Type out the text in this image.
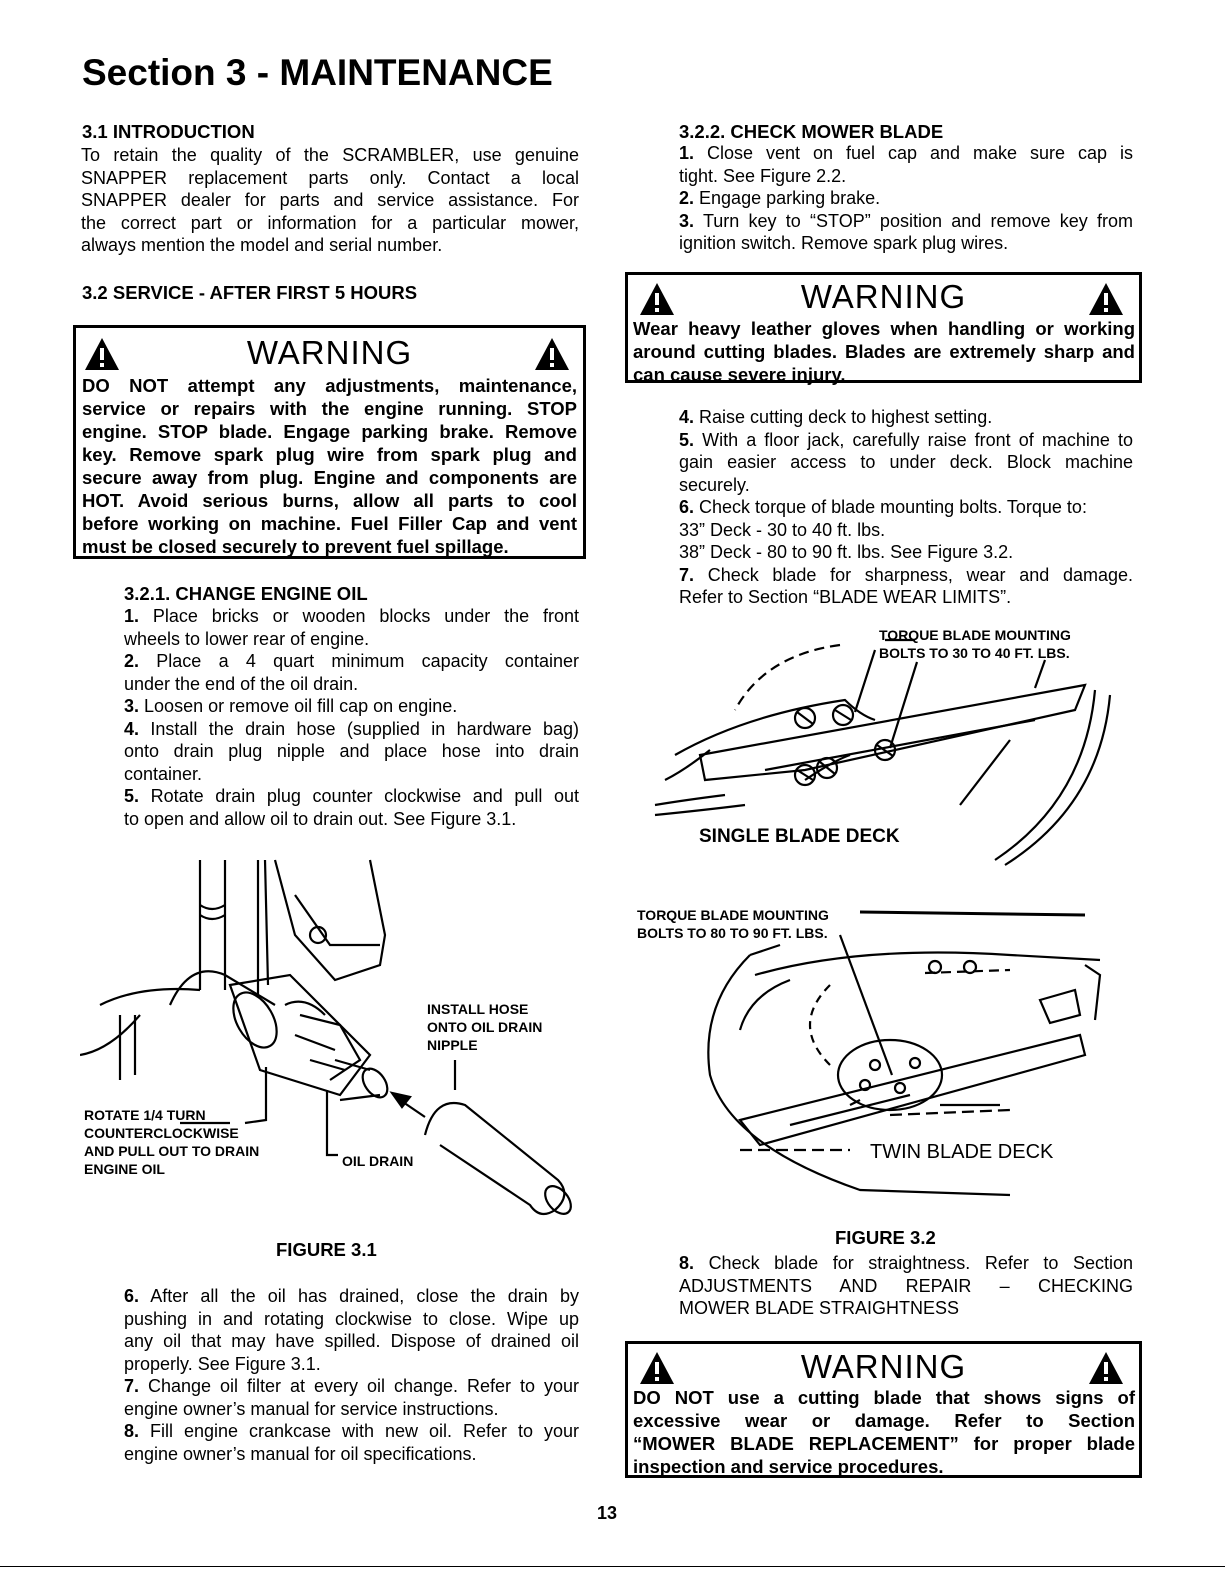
Section 3 - MAINTENANCE
3.1 INTRODUCTION
To retain the quality of the SCRAMBLER, use genuine
SNAPPER replacement parts only. Contact a local
SNAPPER dealer for parts and service assistance. For
the correct part or information for a particular mower,
always mention the model and serial number.
3.2 SERVICE - AFTER FIRST 5 HOURS
WARNING
DO NOT attempt any adjustments, maintenance,
service or repairs with the engine running. STOP
engine. STOP blade. Engage parking brake. Remove
key. Remove spark plug wire from spark plug and
secure away from plug. Engine and components are
HOT. Avoid serious burns, allow all parts to cool
before working on machine. Fuel Filler Cap and vent
must be closed securely to prevent fuel spillage.
3.2.1. CHANGE ENGINE OIL
1. Place bricks or wooden blocks under the front
wheels to lower rear of engine.
2. Place a 4 quart minimum capacity container
under the end of the oil drain.
3. Loosen or remove oil fill cap on engine.
4. Install the drain hose (supplied in hardware bag)
onto drain plug nipple and place hose into drain
container.
5. Rotate drain plug counter clockwise and pull out
to open and allow oil to drain out. See Figure 3.1.
INSTALL HOSE
ONTO OIL DRAIN
NIPPLE
ROTATE 1/4 TURN
COUNTERCLOCKWISE
AND PULL OUT TO DRAIN
ENGINE OIL	OIL DRAIN
FIGURE 3.1
6. After all the oil has drained, close the drain by
pushing in and rotating clockwise to close. Wipe up
any oil that may have spilled. Dispose of drained oil
properly. See Figure 3.1.
7. Change oil filter at every oil change. Refer to your
engine owner’s manual for service instructions.
8. Fill engine crankcase with new oil. Refer to your
engine owner’s manual for oil specifications.
3.2.2. CHECK MOWER BLADE
1. Close vent on fuel cap and make sure cap is
tight. See Figure 2.2.
2. Engage parking brake.
3. Turn key to “STOP” position and remove key from
ignition switch. Remove spark plug wires.
WARNING
Wear heavy leather gloves when handling or working
around cutting blades. Blades are extremely sharp and
can cause severe injury.
4. Raise cutting deck to highest setting.
5. With a floor jack, carefully raise front of machine to
gain easier access to under deck. Block machine
securely.
6. Check torque of blade mounting bolts. Torque to:
33” Deck - 30 to 40 ft. lbs.
38” Deck - 80 to 90 ft. lbs. See Figure 3.2.
7. Check blade for sharpness, wear and damage.
Refer to Section “BLADE WEAR LIMITS”.
TORQUE BLADE MOUNTING
BOLTS TO 30 TO 40 FT. LBS.
SINGLE BLADE DECK
TORQUE BLADE MOUNTING
BOLTS TO 80 TO 90 FT. LBS.
TWIN BLADE DECK
FIGURE 3.2
8. Check blade for straightness. Refer to Section
ADJUSTMENTS AND REPAIR – CHECKING
MOWER BLADE STRAIGHTNESS
WARNING
DO NOT use a cutting blade that shows signs of
excessive wear or damage. Refer to Section
“MOWER BLADE REPLACEMENT” for proper blade
inspection and service procedures.
13
